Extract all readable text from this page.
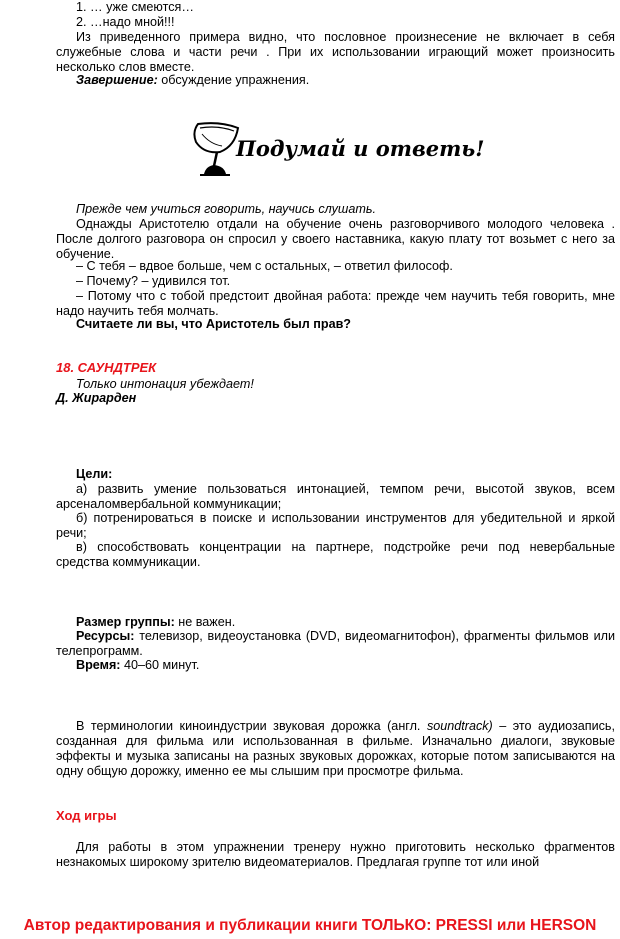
1. … уже смеются…

2. …надо мной!!!

Из приведенного примера видно, что пословное произнесение не включает в себя служебные слова и части речи . При их использовании играющий может произносить несколько слов вместе.

Завершение: обсуждение упражнения.

Прежде чем учиться говорить, научись слушать.

Однажды Аристотелю отдали на обучение очень разговорчивого молодого человека . После долгого разговора он спросил у своего наставника, какую плату тот возьмет с него за обучение.

– С тебя – вдвое больше, чем с остальных, – ответил философ.

– Почему? – удивился тот.

– Потому что с тобой предстоит двойная работа: прежде чем научить тебя говорить, мне надо научить тебя молчать.

Считаете ли вы, что Аристотель был прав?

18. САУНДТРЕК

Только интонация убеждает!

Д. Жирарден

Цели:

а) развить умение пользоваться интонацией, темпом речи, высотой звуков, всем арсеналомвербальной коммуникации;

б) потренироваться в поиске и использовании инструментов для убедительной и яркой речи;

в) способствовать концентрации на партнере, подстройке речи под невербальные средства коммуникации.

Размер группы: не важен.

Ресурсы: телевизор, видеоустановка (DVD, видеомагнитофон), фрагменты фильмов или телепрограмм.

Время: 40–60 минут.

В терминологии киноиндустрии звуковая дорожка (англ. soundtrack) – это аудиозапись, созданная для фильма или использованная в фильме. Изначально диалоги, звуковые эффекты и музыка записаны на разных звуковых дорожках, которые потом записываются на одну общую дорожку, именно ее мы слышим при просмотре фильма.

Ход игры

Для работы в этом упражнении тренеру нужно приготовить несколько фрагментов незнакомых широкому зрителю видеоматериалов. Предлагая группе тот или иной

Подумай и ответь!
Автор редактирования и публикации книги ТОЛЬКО: PRESSI или HERSON
